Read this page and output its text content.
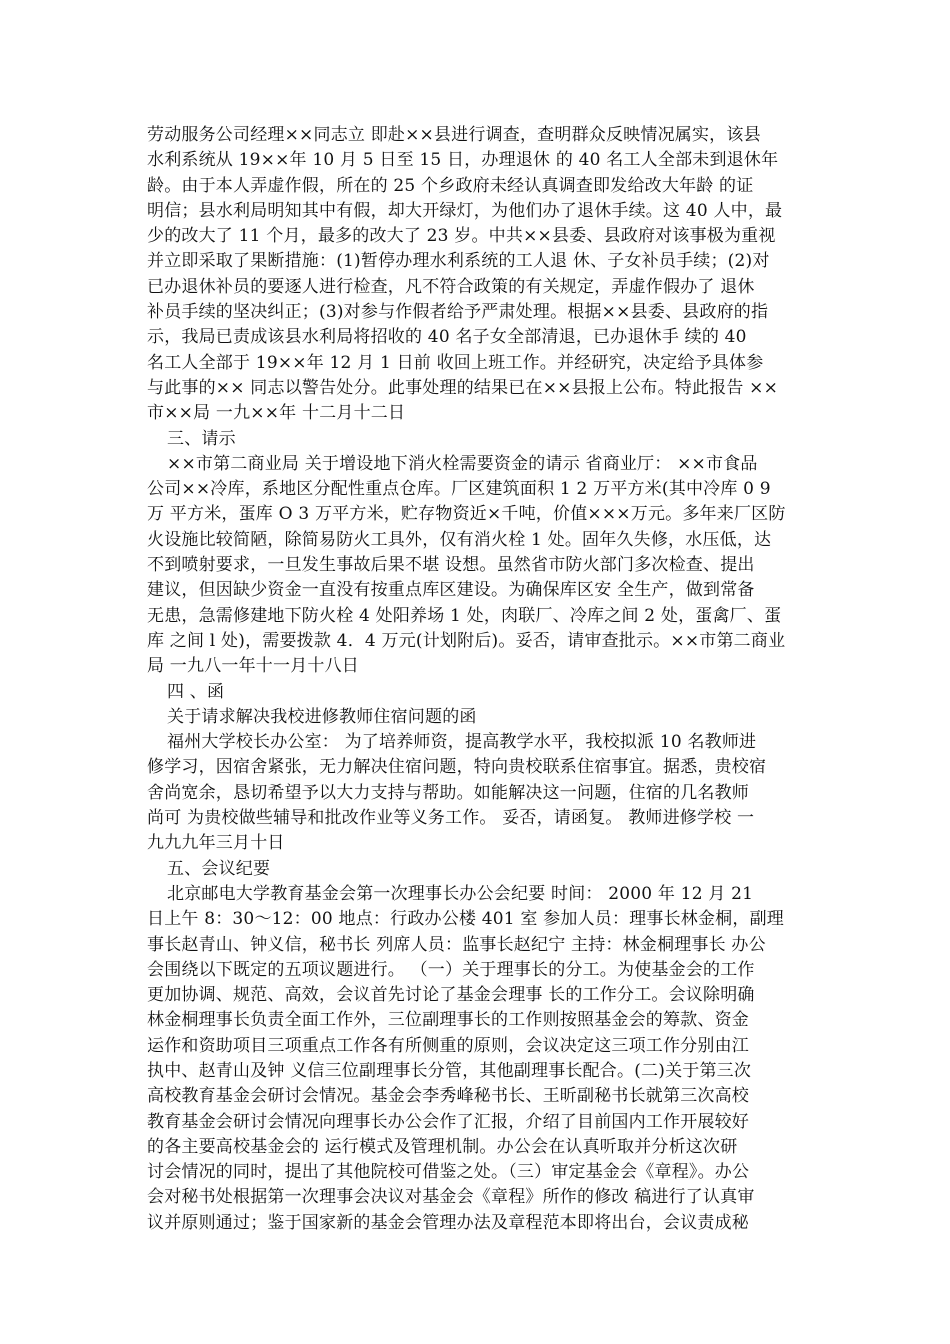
劳动服务公司经理××同志立 即赴××县进行调查，查明群众反映情况属实，该县
水利系统从 19××年 10 月 5 日至 15 日，办理退休 的 40 名工人全部未到退休年
龄。由于本人弄虚作假，所在的 25 个乡政府未经认真调查即发给改大年龄 的证
明信；县水利局明知其中有假，却大开绿灯，为他们办了退休手续。这 40 人中，最
少的改大了 11 个月，最多的改大了 23 岁。中共××县委、县政府对该事极为重视
并立即采取了果断措施：(1)暂停办理水利系统的工人退 休、子女补员手续；(2)对
已办退休补员的要逐人进行检查，凡不符合政策的有关规定，弄虚作假办了 退休
补员手续的坚决纠正；(3)对参与作假者给予严肃处理。根据××县委、县政府的指
示，我局已责成该县水利局将招收的 40 名子女全部清退，已办退休手 续的 40
名工人全部于 19××年 12 月 1 日前 收回上班工作。并经研究，决定给予具体参
与此事的×× 同志以警告处分。此事处理的结果已在××县报上公布。特此报告 ××
市××局 一九××年 十二月十二日
三、请示
××市第二商业局 关于增设地下消火栓需要资金的请示 省商业厅： ××市食品
公司××冷库，系地区分配性重点仓库。厂区建筑面积 1 2 万平方米(其中冷库 0 9
万 平方米，蛋库 O 3 万平方米，贮存物资近×千吨，价值×××万元。多年来厂区防
火设施比较简陋，除简易防火工具外，仅有消火栓 1 处。固年久失修，水压低，达
不到喷射要求，一旦发生事故后果不堪 设想。虽然省市防火部门多次检查、提出
建议，但因缺少资金一直没有按重点库区建设。为确保库区安 全生产，做到常备
无患，急需修建地下防火栓 4 处阳养场 1 处，肉联厂、冷库之间 2 处，蛋禽厂、蛋
库 之间 l 处)，需要拨款 4．4 万元(计划附后)。妥否，请审查批示。××市第二商业
局 一九八一年十一月十八日
四 、函
关于请求解决我校进修教师住宿问题的函
福州大学校长办公室： 为了培养师资，提高教学水平，我校拟派 10 名教师进
修学习，因宿舍紧张，无力解决住宿问题，特向贵校联系住宿事宜。据悉，贵校宿
舍尚宽余，恳切希望予以大力支持与帮助。如能解决这一问题，住宿的几名教师
尚可 为贵校做些辅导和批改作业等义务工作。 妥否，请函复。 教师进修学校 一
九九九年三月十日
五、会议纪要
北京邮电大学教育基金会第一次理事长办公会纪要 时间： 2000 年 12 月 21
日上午 8：30～12：00 地点：行政办公楼 401 室 参加人员：理事长林金桐，副理
事长赵青山、钟义信，秘书长 列席人员：监事长赵纪宁 主持：林金桐理事长 办公
会围绕以下既定的五项议题进行。 （一）关于理事长的分工。为使基金会的工作
更加协调、规范、高效，会议首先讨论了基金会理事 长的工作分工。会议除明确
林金桐理事长负责全面工作外，三位副理事长的工作则按照基金会的筹款、资金
运作和资助项目三项重点工作各有所侧重的原则，会议决定这三项工作分别由江
执中、赵青山及钟 义信三位副理事长分管，其他副理事长配合。(二)关于第三次
高校教育基金会研讨会情况。基金会李秀峰秘书长、王昕副秘书长就第三次高校
教育基金会研讨会情况向理事长办公会作了汇报，介绍了目前国内工作开展较好
的各主要高校基金会的 运行模式及管理机制。办公会在认真听取并分析这次研
讨会情况的同时，提出了其他院校可借鉴之处。（三）审定基金会《章程》。办公
会对秘书处根据第一次理事会决议对基金会《章程》所作的修改 稿进行了认真审
议并原则通过；鉴于国家新的基金会管理办法及章程范本即将出台，会议责成秘
